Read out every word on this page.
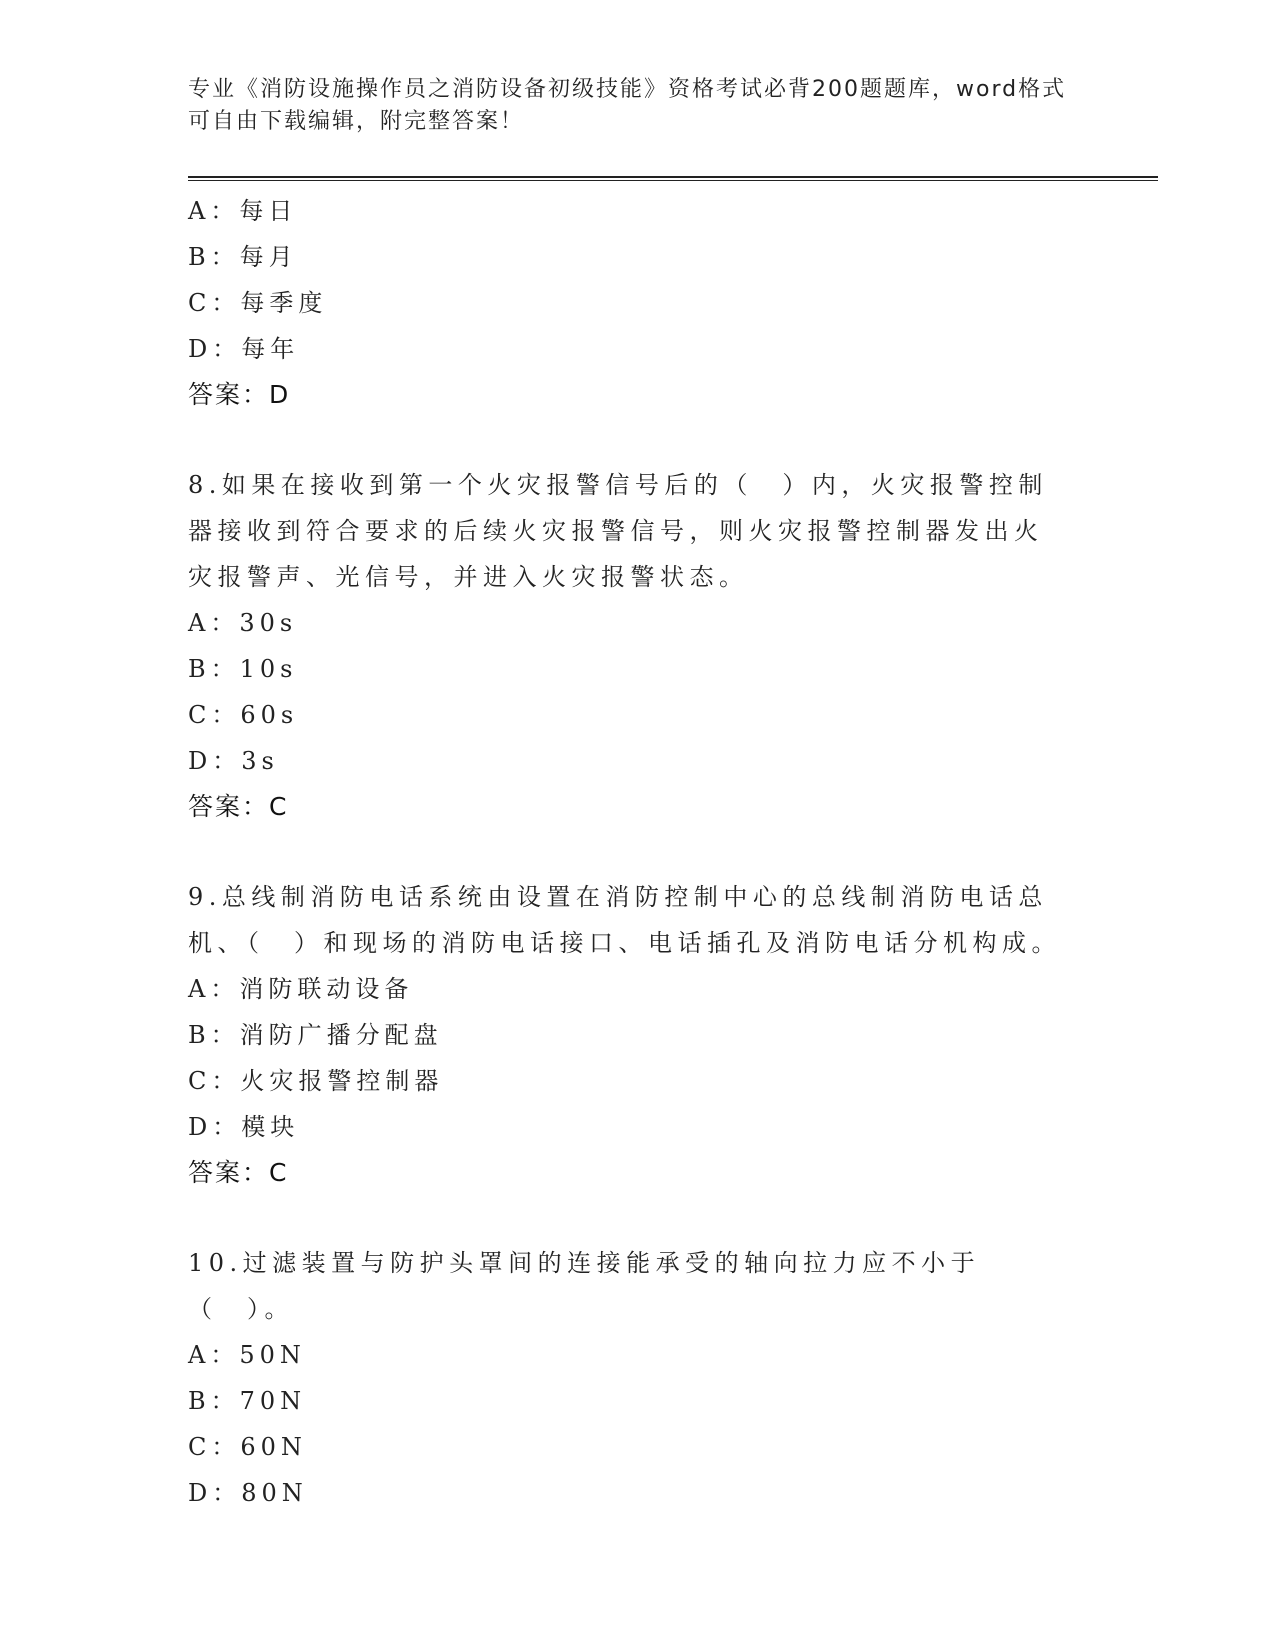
专业《消防设施操作员之消防设备初级技能》资格考试必背200题题库，word格式可自由下载编辑，附完整答案！
A：每日
B：每月
C：每季度
D：每年
答案：D
8.如果在接收到第一个火灾报警信号后的（　）内，火灾报警控制器接收到符合要求的后续火灾报警信号，则火灾报警控制器发出火灾报警声、光信号，并进入火灾报警状态。
A：30s
B：10s
C：60s
D：3s
答案：C
9.总线制消防电话系统由设置在消防控制中心的总线制消防电话总机、（　）和现场的消防电话接口、电话插孔及消防电话分机构成。
A：消防联动设备
B：消防广播分配盘
C：火灾报警控制器
D：模块
答案：C
10.过滤装置与防护头罩间的连接能承受的轴向拉力应不小于（　）。
A：50N
B：70N
C：60N
D：80N
